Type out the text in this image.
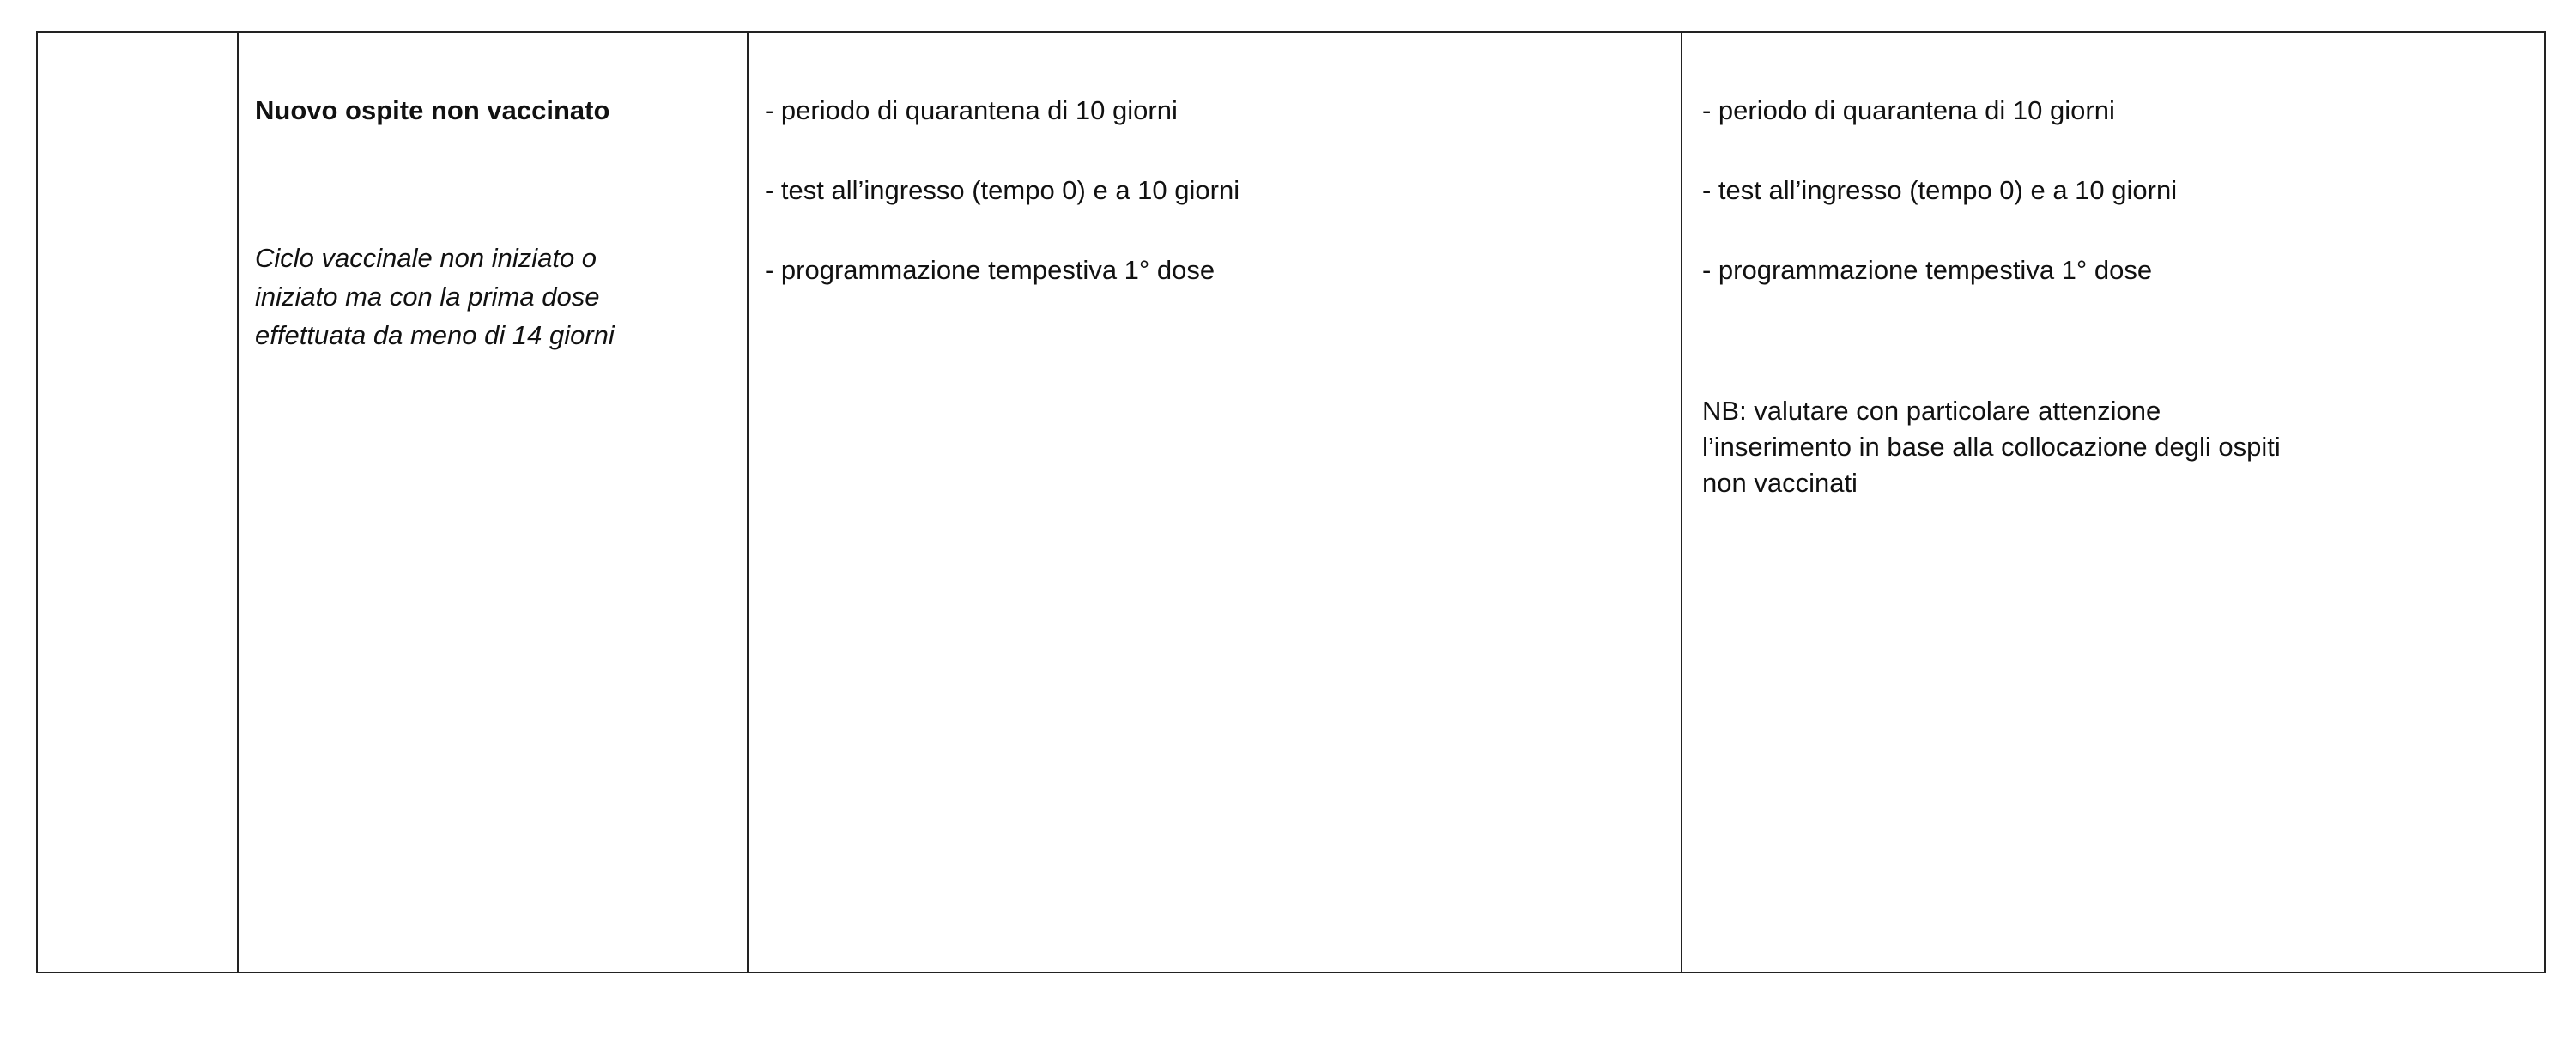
Nuovo ospite non vaccinato

Ciclo vaccinale non iniziato o
iniziato ma con la prima dose
effettuata da meno di 14 giorni
- periodo di quarantena di 10 giorni
- test all’ingresso (tempo 0) e a 10 giorni
- programmazione tempestiva 1° dose
- periodo di quarantena di 10 giorni
- test all’ingresso (tempo 0) e a 10 giorni
- programmazione tempestiva 1° dose
NB: valutare con particolare attenzione
l’inserimento in base alla collocazione degli ospiti
non vaccinati
